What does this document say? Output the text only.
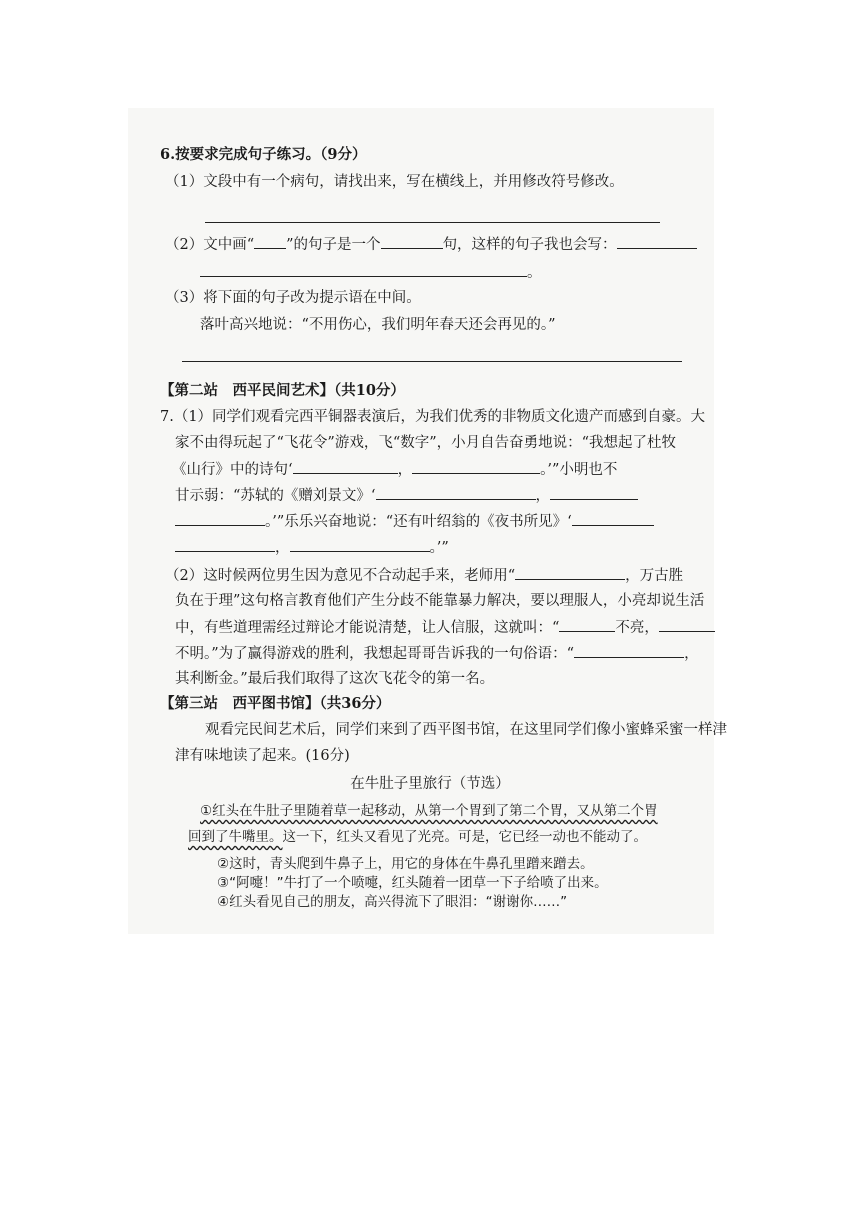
6.按要求完成句子练习。（9分）
（1）文段中有一个病句，请找出来，写在横线上，并用修改符号修改。
（2）文中画“ ”的句子是一个	句，这样的句子我也会写：
。
（3）将下面的句子改为提示语在中间。
落叶高兴地说：“不用伤心，我们明年春天还会再见的。”
【第二站　西平民间艺术】（共10分）
7.（1）同学们观看完西平铜器表演后，为我们优秀的非物质文化遗产而感到自豪。大
家不由得玩起了“飞花令”游戏，飞“数字”，小月自告奋勇地说：“我想起了杜牧
《山行》中的诗句‘	，	。’”小明也不
甘示弱：“苏轼的《赠刘景文》‘	，
。’”乐乐兴奋地说：“还有叶绍翁的《夜书所见》‘
，	。’”
（2）这时候两位男生因为意见不合动起手来，老师用“	，万古胜
负在于理”这句格言教育他们产生分歧不能靠暴力解决，要以理服人，小亮却说生活
中，有些道理需经过辩论才能说清楚，让人信服，这就叫：“	不亮，
不明。”为了赢得游戏的胜利，我想起哥哥告诉我的一句俗语：“	，
其利断金。”最后我们取得了这次飞花令的第一名。
【第三站　西平图书馆】（共36分）
观看完民间艺术后，同学们来到了西平图书馆，在这里同学们像小蜜蜂采蜜一样津
津有味地读了起来。(16分)
在牛肚子里旅行（节选）
①红头在牛肚子里随着草一起移动，从第一个胃到了第二个胃，又从第二个胃
回到了牛嘴里。这一下，红头又看见了光亮。可是，它已经一动也不能动了。
②这时，青头爬到牛鼻子上，用它的身体在牛鼻孔里蹭来蹭去。
③“阿嚏！”牛打了一个喷嚏，红头随着一团草一下子给喷了出来。
④红头看见自己的朋友，高兴得流下了眼泪：“谢谢你……”
